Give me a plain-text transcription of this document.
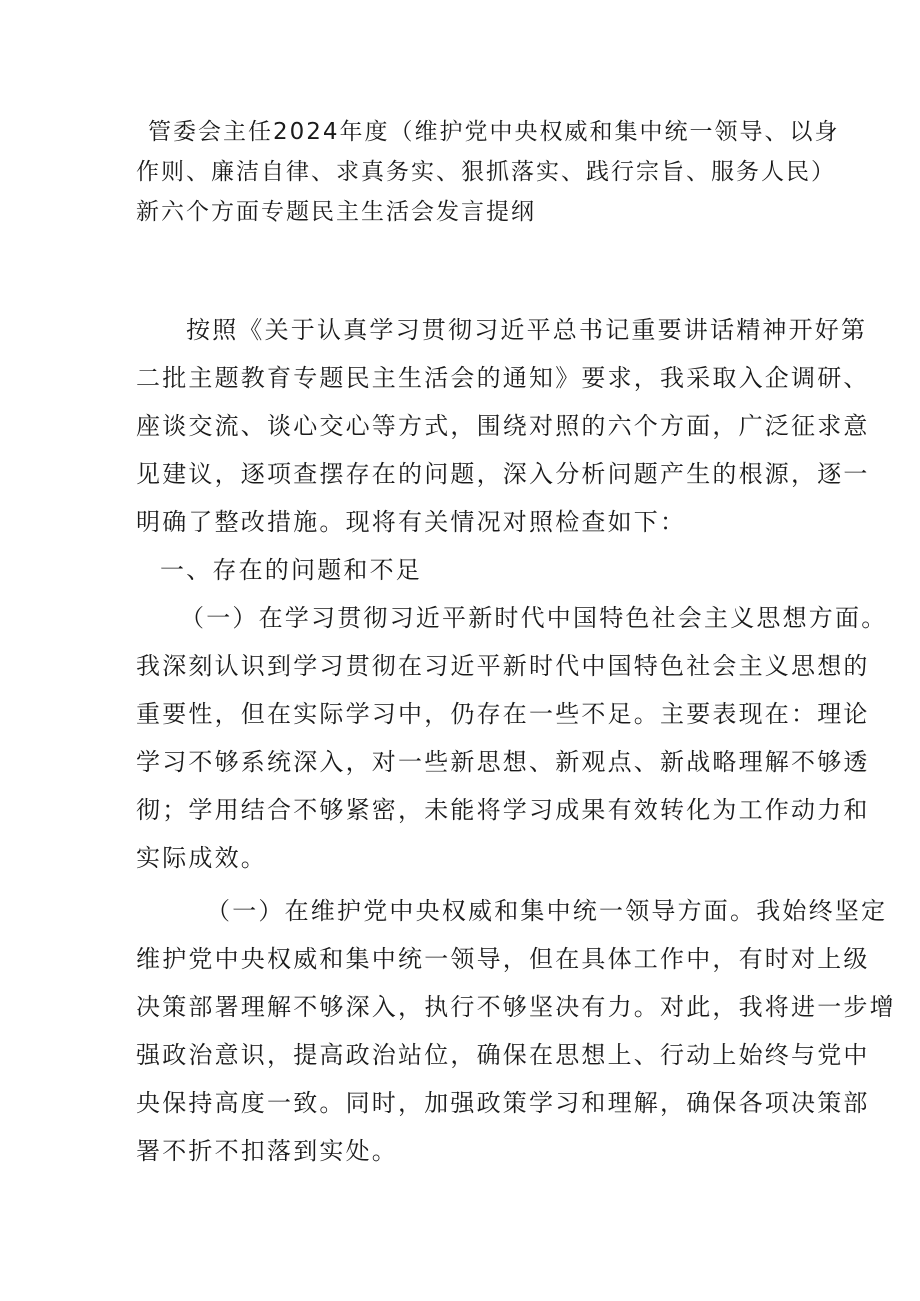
管委会主任2024年度（维护党中央权威和集中统一领导、以身
作则、廉洁自律、求真务实、狠抓落实、践行宗旨、服务人民）
新六个方面专题民主生活会发言提纲
按照《关于认真学习贯彻习近平总书记重要讲话精神开好第
二批主题教育专题民主生活会的通知》要求，我采取入企调研、
座谈交流、谈心交心等方式，围绕对照的六个方面，广泛征求意
见建议，逐项查摆存在的问题，深入分析问题产生的根源，逐一
明确了整改措施。现将有关情况对照检查如下：
一、存在的问题和不足
（一）在学习贯彻习近平新时代中国特色社会主义思想方面。
我深刻认识到学习贯彻在习近平新时代中国特色社会主义思想的
重要性，但在实际学习中，仍存在一些不足。主要表现在：理论
学习不够系统深入，对一些新思想、新观点、新战略理解不够透
彻；学用结合不够紧密，未能将学习成果有效转化为工作动力和
实际成效。
（一）在维护党中央权威和集中统一领导方面。我始终坚定
维护党中央权威和集中统一领导，但在具体工作中，有时对上级
决策部署理解不够深入，执行不够坚决有力。对此，我将进一步增
强政治意识，提高政治站位，确保在思想上、行动上始终与党中
央保持高度一致。同时，加强政策学习和理解，确保各项决策部
署不折不扣落到实处。
